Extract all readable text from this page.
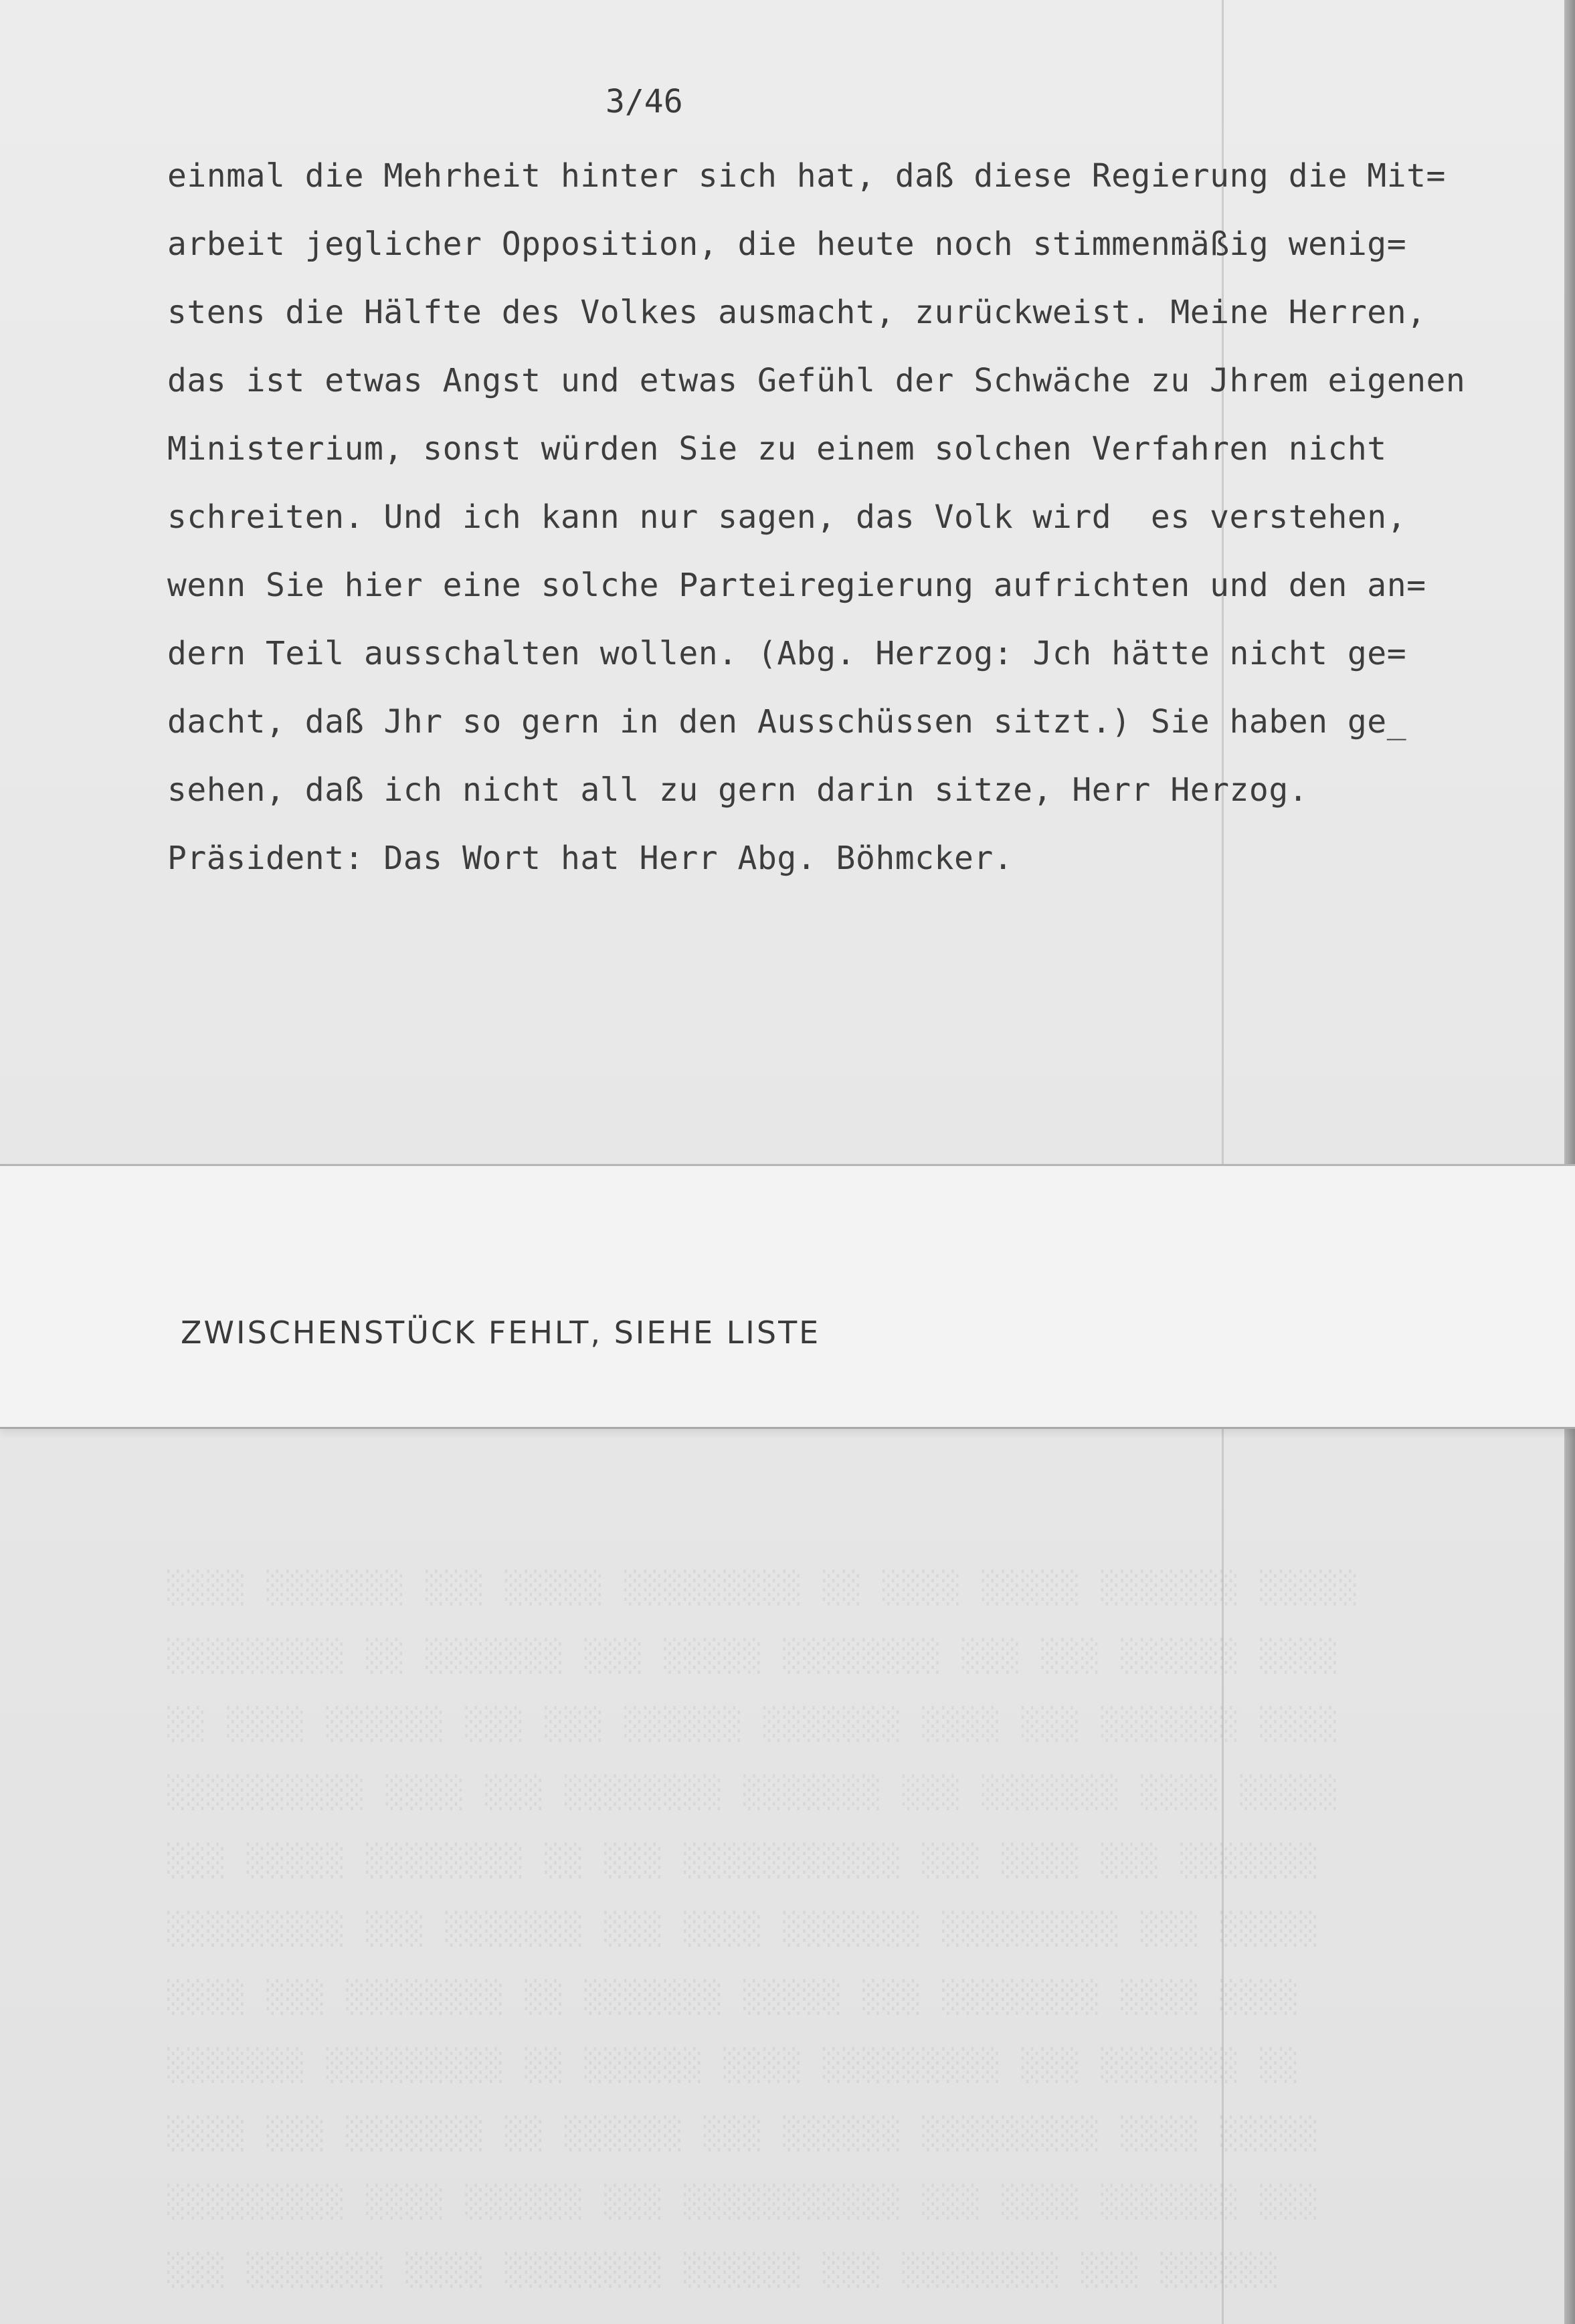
░░░░ ░░░░░░░ ░░░ ░░░░░ ░░░░░░░░░ ░░ ░░░░ ░░░░░ ░░░░░░░ ░░░░░
░░░░░░░░░ ░░ ░░░░░░░ ░░░ ░░░░░ ░░░░░░░░ ░░░ ░░░ ░░░░░░ ░░░░
░░ ░░░░ ░░░░░░ ░░░ ░░░ ░░░░░░ ░░░░░░░ ░░░░ ░░░ ░░░░░░░ ░░░░
░░░░░░░░░░ ░░░░ ░░░ ░░░░░░░░ ░░░░░░░ ░░░ ░░░░░░░ ░░░░ ░░░░░
░░░ ░░░░░ ░░░░░░░░ ░░ ░░░ ░░░░░░░░░░░ ░░░ ░░░░ ░░░ ░░░░░░░
░░░░░░░░░ ░░░ ░░░░░░░ ░░░ ░░░░ ░░░░░░░ ░░░░░░░░░ ░░░ ░░░░░
░░░░ ░░░ ░░░░░░░░ ░░ ░░░░░░░ ░░░░░ ░░░ ░░░░░░░░ ░░░░ ░░░░
░░░░░░░ ░░░░░░░░░ ░░ ░░░░░░ ░░░░ ░░░░░░░░░ ░░░ ░░░░░░░ ░░
░░░░ ░░░ ░░░░░░░ ░░ ░░░░░░ ░░░ ░░░░░░ ░░░░░░░░░ ░░░░ ░░░░░
░░░░░░░░░ ░░░░ ░░░░░░ ░░░ ░░░░░░░░░░░ ░░░ ░░░░ ░░░░░░░ ░░░
░░░ ░░░░░░░ ░░░░ ░░░░░░░░ ░░░░░░ ░░░ ░░░░░░░░ ░░░ ░░░░░░

3/46

einmal die Mehrheit hinter sich hat, daß diese Regierung die Mit=
arbeit jeglicher Opposition, die heute noch stimmenmäßig wenig=
stens die Hälfte des Volkes ausmacht, zurückweist. Meine Herren,
das ist etwas Angst und etwas Gefühl der Schwäche zu Jhrem eigenen
Ministerium, sonst würden Sie zu einem solchen Verfahren nicht
schreiten. Und ich kann nur sagen, das Volk wird  es verstehen,
wenn Sie hier eine solche Parteiregierung aufrichten und den an=
dern Teil ausschalten wollen. (Abg. Herzog: Jch hätte nicht ge=
dacht, daß Jhr so gern in den Ausschüssen sitzt.) Sie haben ge_
sehen, daß ich nicht all zu gern darin sitze, Herr Herzog.
Präsident: Das Wort hat Herr Abg. Böhmcker.

ZWISCHENSTÜCK FEHLT, SIEHE LISTE
